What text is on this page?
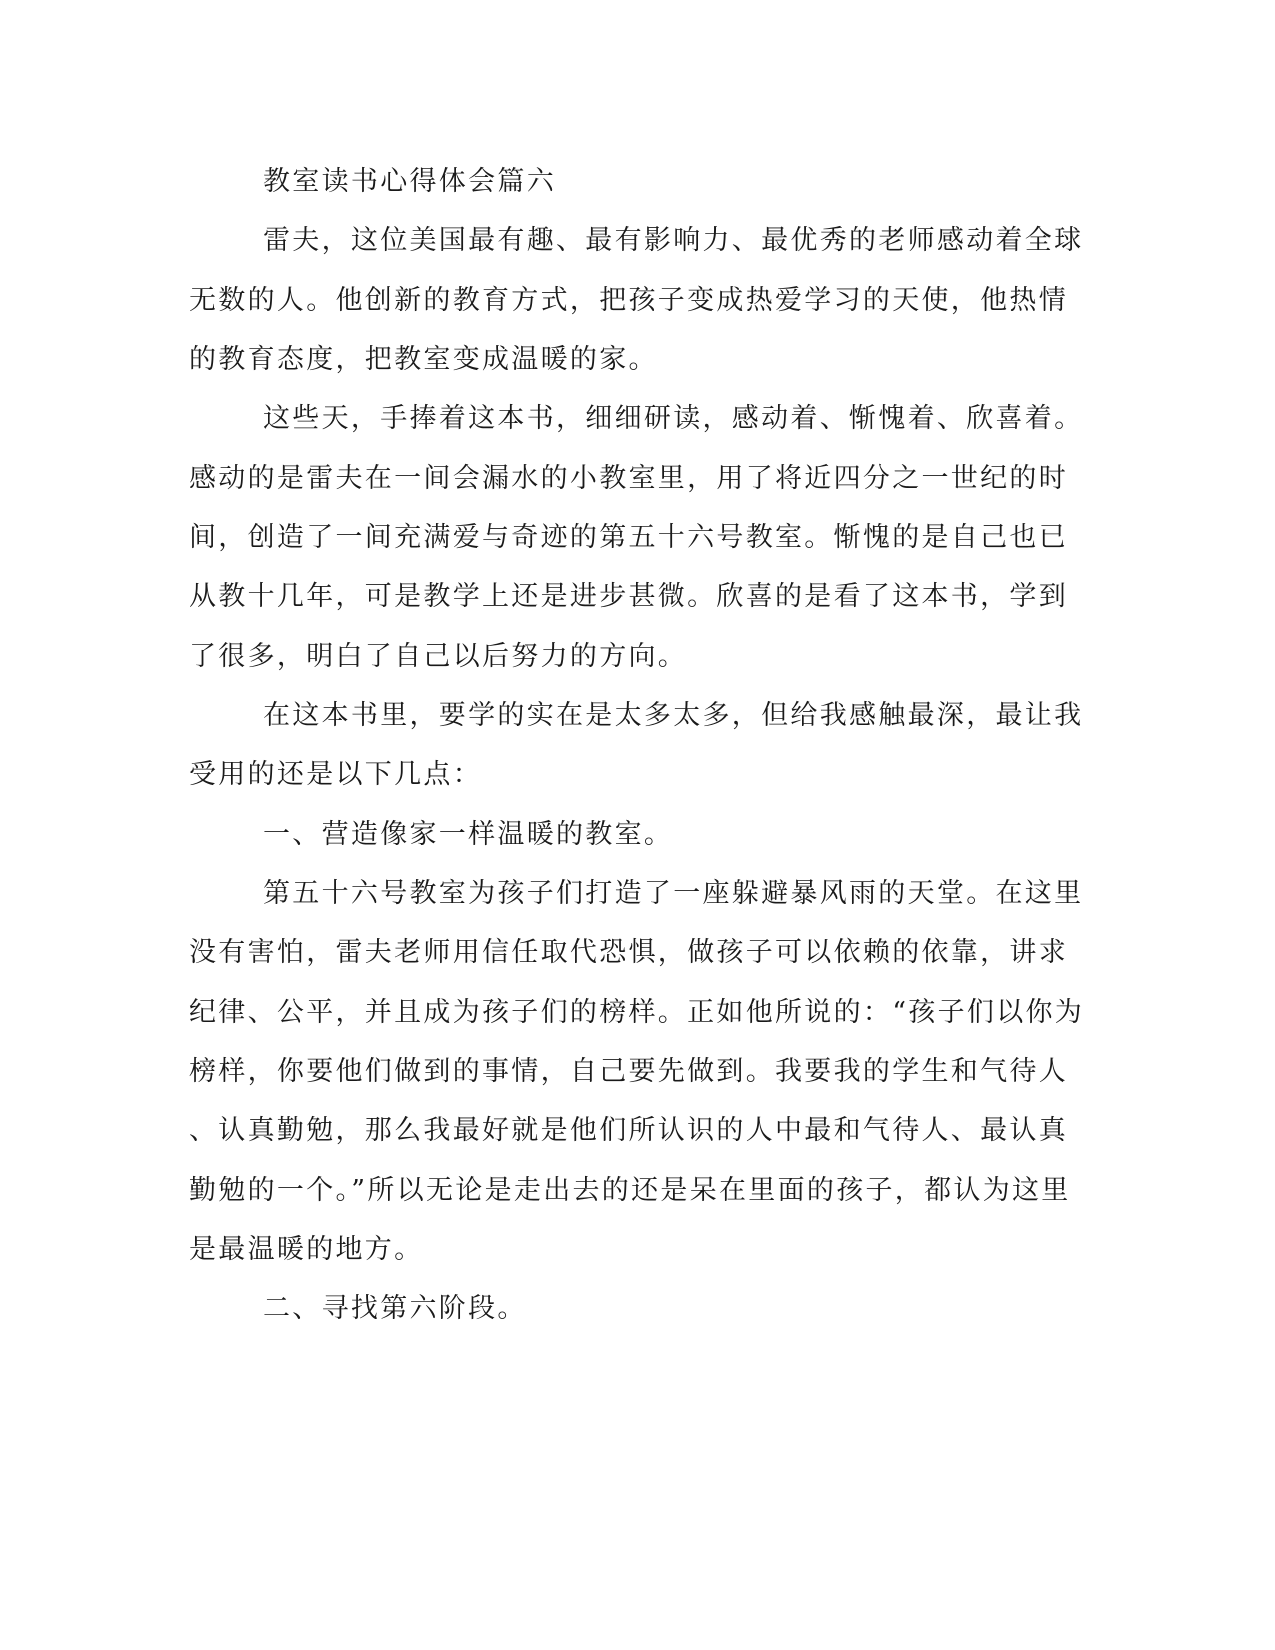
教室读书心得体会篇六
雷夫，这位美国最有趣、最有影响力、最优秀的老师感动着全球
无数的人。他创新的教育方式，把孩子变成热爱学习的天使，他热情
的教育态度，把教室变成温暖的家。
这些天，手捧着这本书，细细研读，感动着、惭愧着、欣喜着。
感动的是雷夫在一间会漏水的小教室里，用了将近四分之一世纪的时
间，创造了一间充满爱与奇迹的第五十六号教室。惭愧的是自己也已
从教十几年，可是教学上还是进步甚微。欣喜的是看了这本书，学到
了很多，明白了自己以后努力的方向。
在这本书里，要学的实在是太多太多，但给我感触最深，最让我
受用的还是以下几点：
一、营造像家一样温暖的教室。
第五十六号教室为孩子们打造了一座躲避暴风雨的天堂。在这里
没有害怕，雷夫老师用信任取代恐惧，做孩子可以依赖的依靠，讲求
纪律、公平，并且成为孩子们的榜样。正如他所说的：“孩子们以你为
榜样，你要他们做到的事情，自己要先做到。我要我的学生和气待人
、认真勤勉，那么我最好就是他们所认识的人中最和气待人、最认真
勤勉的一个。”所以无论是走出去的还是呆在里面的孩子，都认为这里
是最温暖的地方。
二、寻找第六阶段。
